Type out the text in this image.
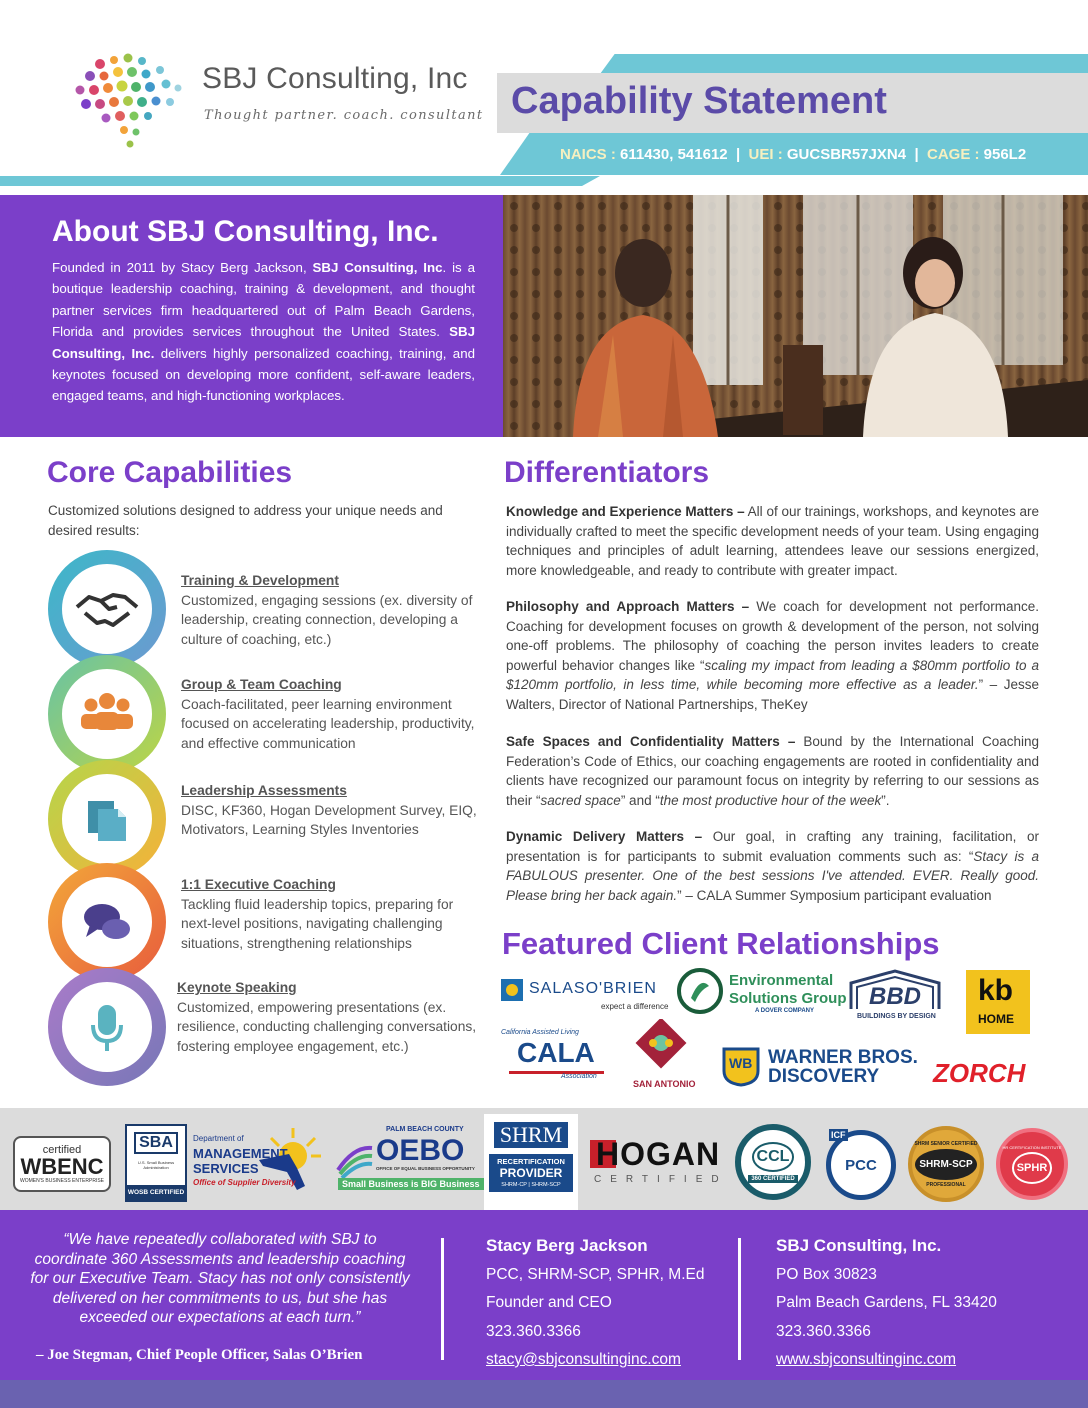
SBJ Consulting, Inc
Thought partner. coach. consultant Capability Statement
NAICS : 611430, 541612 | UEI : GUCSBR57JXN4 | CAGE : 956L2
About SBJ Consulting, Inc.

Founded in 2011 by Stacy Berg Jackson, SBJ Consulting, Inc. is a boutique leadership coaching, training & development, and thought partner services firm headquartered out of Palm Beach Gardens, Florida and provides services throughout the United States. SBJ Consulting, Inc. delivers highly personalized coaching, training, and keynotes focused on developing more confident, self-aware leaders, engaged teams, and high-functioning workplaces.

Core Capabilities
Customized solutions designed to address your unique needs and desired results:
Training & Development
Customized, engaging sessions (ex. diversity of leadership, creating connection, developing a culture of coaching, etc.)
Group & Team Coaching
Coach-facilitated, peer learning environment focused on accelerating leadership, productivity, and effective communication
Leadership Assessments
DISC, KF360, Hogan Development Survey, EIQ, Motivators, Learning Styles Inventories
1:1 Executive Coaching
Tackling fluid leadership topics, preparing for next-level positions, navigating challenging situations, strengthening relationships
Keynote Speaking
Customized, empowering presentations (ex. resilience, conducting challenging conversations, fostering employee engagement, etc.)
Differentiators
Knowledge and Experience Matters – All of our trainings, workshops, and keynotes are individually crafted to meet the specific development needs of your team. Using engaging techniques and principles of adult learning, attendees leave our sessions energized, more knowledgeable, and ready to contribute with greater impact.
Philosophy and Approach Matters – We coach for development not performance. Coaching for development focuses on growth & development of the person, not solving one-off problems. The philosophy of coaching the person invites leaders to create powerful behavior changes like “scaling my impact from leading a $80mm portfolio to a $120mm portfolio, in less time, while becoming more effective as a leader.” – Jesse Walters, Director of National Partnerships, TheKey
Safe Spaces and Confidentiality Matters – Bound by the International Coaching Federation’s Code of Ethics, our coaching engagements are rooted in confidentiality and clients have recognized our paramount focus on integrity by referring to our sessions as their “sacred space” and “the most productive hour of the week”.
Dynamic Delivery Matters – Our goal, in crafting any training, facilitation, or presentation is for participants to submit evaluation comments such as: “Stacy is a FABULOUS presenter. One of the best sessions I've attended. EVER. Really good. Please bring her back again.” – CALA Summer Symposium participant evaluation
Featured Client Relationships
SALASO'BRIEN
expect a difference
Environmental
Solutions Group
A DOVER COMPANY
BBD
BUILDINGS BY DESIGN
kb
HOME
California Assisted Living
CALA
Association
SAN ANTONIO
WB WARNER BROS.
DISCOVERY ZORCH
certified
WBENC
WOMEN'S BUSINESS ENTERPRISE
SBA
U.S. Small Business Administration
WOSB CERTIFIED
Department of
MANAGEMENT
SERVICES
Office of Supplier Diversity
PALM BEACH COUNTY
OEBO
OFFICE OF EQUAL BUSINESS OPPORTUNITY
Small Business is BIG Business
SHRM
RECERTIFICATION
PROVIDER
SHRM-CP | SHRM-SCP
HOGAN
CERTIFIED
CCL
360 CERTIFIED
ICF
PCC
SHRM SENIOR CERTIFIED
SHRM-SCP
PROFESSIONAL
HR CERTIFICATION INSTITUTE
SPHR
“We have repeatedly collaborated with SBJ to coordinate 360 Assessments and leadership coaching for our Executive Team. Stacy has not only consistently delivered on her commitments to us, but she has exceeded our expectations at each turn.”
– Joe Stegman, Chief People Officer, Salas O’Brien
Stacy Berg Jackson
PCC, SHRM-SCP, SPHR, M.Ed
Founder and CEO
323.360.3366
stacy@sbjconsultinginc.com
SBJ Consulting, Inc.
PO Box 30823
Palm Beach Gardens, FL 33420
323.360.3366
www.sbjconsultinginc.com
